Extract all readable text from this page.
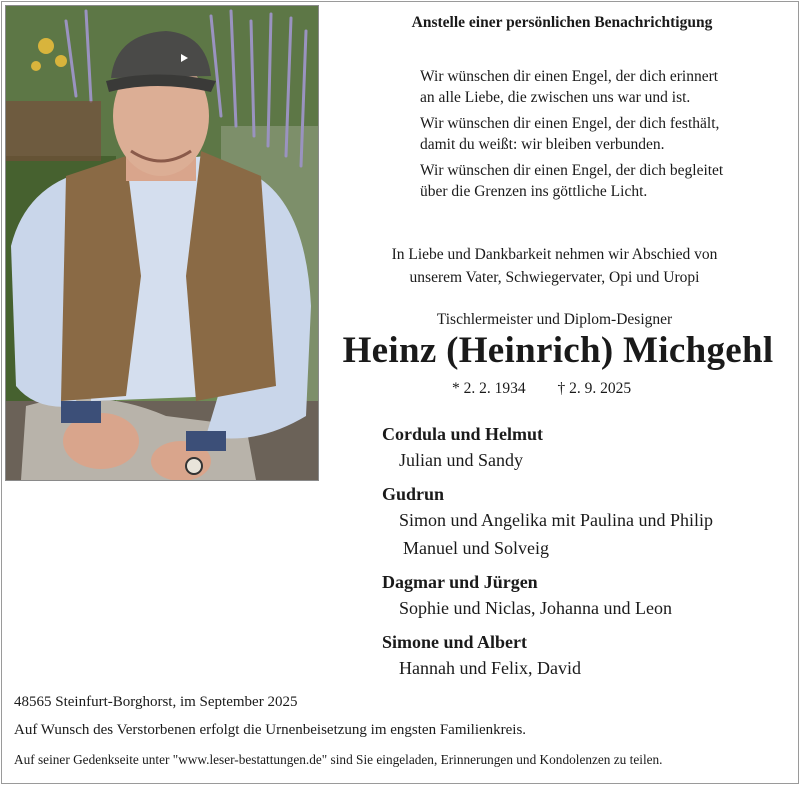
Anstelle einer persönlichen Benachrichtigung

Wir wünschen dir einen Engel, der dich erinnert
an alle Liebe, die zwischen uns war und ist.

Wir wünschen dir einen Engel, der dich festhält,
damit du weißt: wir bleiben verbunden.

Wir wünschen dir einen Engel, der dich begleitet
über die Grenzen ins göttliche Licht.

In Liebe und Dankbarkeit nehmen wir Abschied von
unserem Vater, Schwiegervater, Opi und Uropi
Tischlermeister und Diplom-Designer
Heinz (Heinrich) Michgehl
* 2. 2. 1934 † 2. 9. 2025
Cordula und Helmut
Julian und Sandy
Gudrun
Simon und Angelika mit Paulina und Philip
Manuel und Solveig
Dagmar und Jürgen
Sophie und Niclas, Johanna und Leon
Simone und Albert
Hannah und Felix, David
48565 Steinfurt-Borghorst, im September 2025
Auf Wunsch des Verstorbenen erfolgt die Urnenbeisetzung im engsten Familienkreis.
Auf seiner Gedenkseite unter "www.leser-bestattungen.de" sind Sie eingeladen, Erinnerungen und Kondolenzen zu teilen.
